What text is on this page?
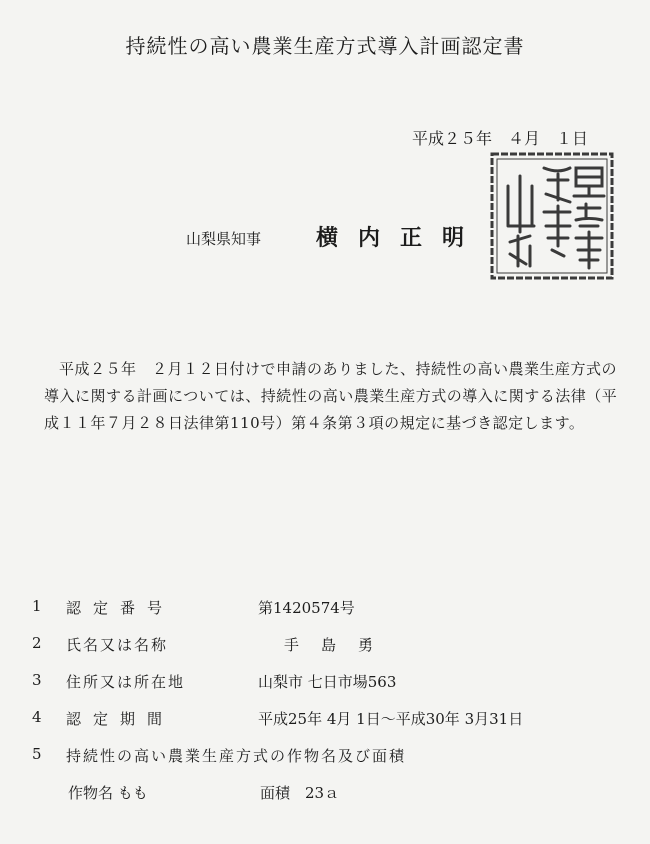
持続性の高い農業生産方式導入計画認定書
平成２５年　４月　１日
山梨県知事 横内正明
平成２５年　２月１２日付けで申請のありました、持続性の高い農業生産方式の導入に関する計画については、持続性の高い農業生産方式の導入に関する法律（平成１１年７月２８日法律第110号）第４条第３項の規定に基づき認定します。
1	認定番号	第1420574号
2	氏名又は名称	手島勇
3	住所又は所在地	山梨市 七日市場563
4	認定期間	平成25年 4月 1日～平成30年 3月31日
5	持続性の高い農業生産方式の作物名及び面積
作物名 もも	面積　23ａ
